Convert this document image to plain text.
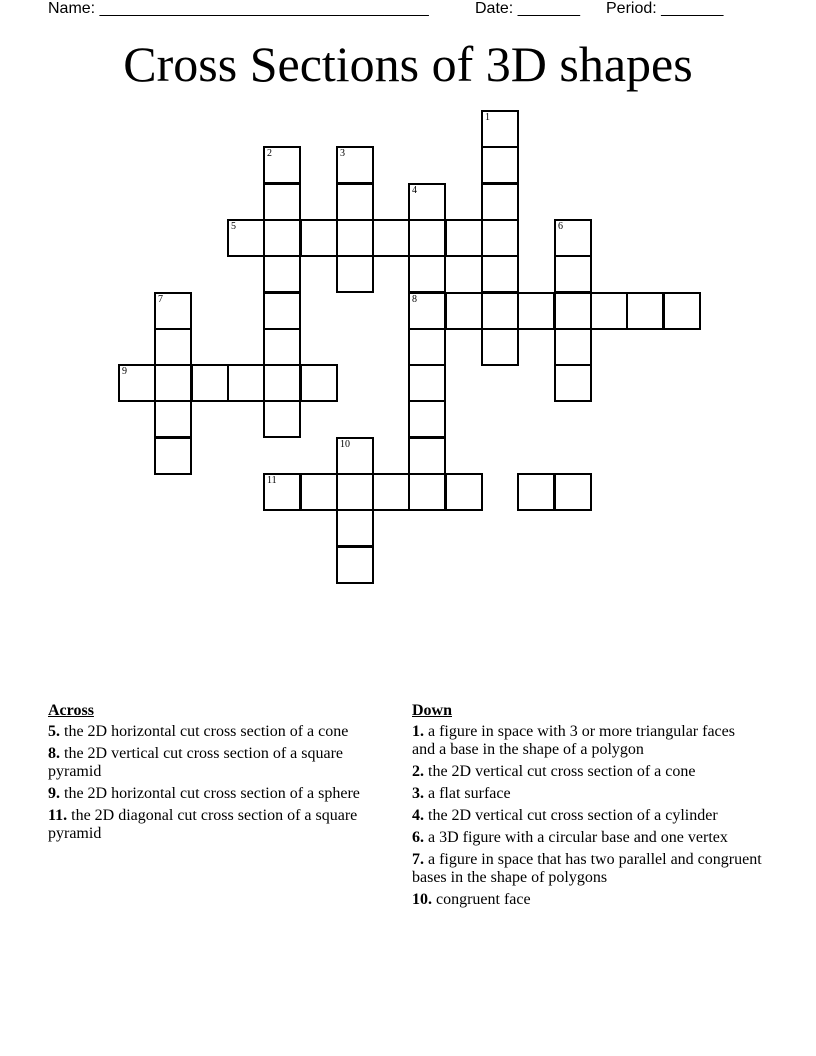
Name: _____________________________________	Date: _______ Period: _______
Cross Sections of 3D shapes
1
2	3
4
8
5	6
7
9
10
11
Across
5. the 2D horizontal cut cross section of a cone
8. the 2D vertical cut cross section of a square pyramid
9. the 2D horizontal cut cross section of a sphere
11. the 2D diagonal cut cross section of a square pyramid
Down
1. a figure in space with 3 or more triangular faces and a base in the shape of a polygon
2. the 2D vertical cut cross section of a cone
3. a flat surface
4. the 2D vertical cut cross section of a cylinder
6. a 3D figure with a circular base and one vertex
7. a figure in space that has two parallel and congruent bases in the shape of polygons
10. congruent face
